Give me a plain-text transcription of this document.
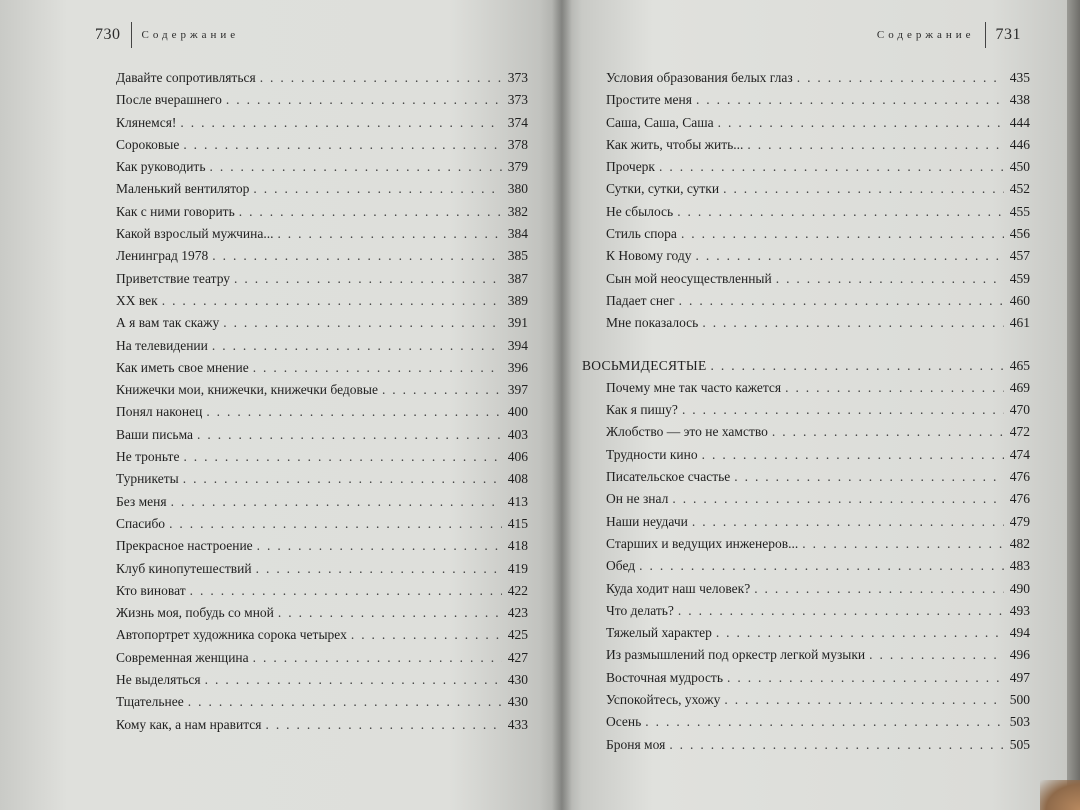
730 Содержание
Давайте сопротивляться . . .	373
После вчерашнего . . .	373
Клянемся! . . .	374
Сороковые . . .	378
Как руководить . . .	379
Маленький вентилятор . . .	380
Как с ними говорить . . .	382
Какой взрослый мужчина... . . .	384
Ленинград 1978 . . .	385
Приветствие театру . . .	387
XX век . . .	389
А я вам так скажу . . .	391
На телевидении . . .	394
Как иметь свое мнение . . .	396
Книжечки мои, книжечки, книжечки бедовые . . .	397
Понял наконец . . .	400
Ваши письма . . .	403
Не троньте . . .	406
Турникеты . . .	408
Без меня . . .	413
Спасибо . . .	415
Прекрасное настроение . . .	418
Клуб кинопутешествий . . .	419
Кто виноват . . .	422
Жизнь моя, побудь со мной . . .	423
Автопортрет художника сорока четырех . . .	425
Современная женщина . . .	427
Не выделяться . . .	430
Тщательнее . . .	430
Кому как, а нам нравится . . .	433
Содержание 731
Условия образования белых глаз . . .	435
Простите меня . . .	438
Саша, Саша, Саша . . .	444
Как жить, чтобы жить... . . .	446
Прочерк . . .	450
Сутки, сутки, сутки . . .	452
Не сбылось . . .	455
Стиль спора . . .	456
К Новому году . . .	457
Сын мой неосуществленный . . .	459
Падает снег . . .	460
Мне показалось . . .	461
ВОСЬМИДЕСЯТЫЕ . . .	465
Почему мне так часто кажется . . .	469
Как я пишу? . . .	470
Жлобство — это не хамство . . .	472
Трудности кино . . .	474
Писательское счастье . . .	476
Он не знал . . .	476
Наши неудачи . . .	479
Старших и ведущих инженеров... . . .	482
Обед . . .	483
Куда ходит наш человек? . . .	490
Что делать? . . .	493
Тяжелый характер . . .	494
Из размышлений под оркестр легкой музыки . . .	496
Восточная мудрость . . .	497
Успокойтесь, ухожу . . .	500
Осень . . .	503
Броня моя . . .	505
